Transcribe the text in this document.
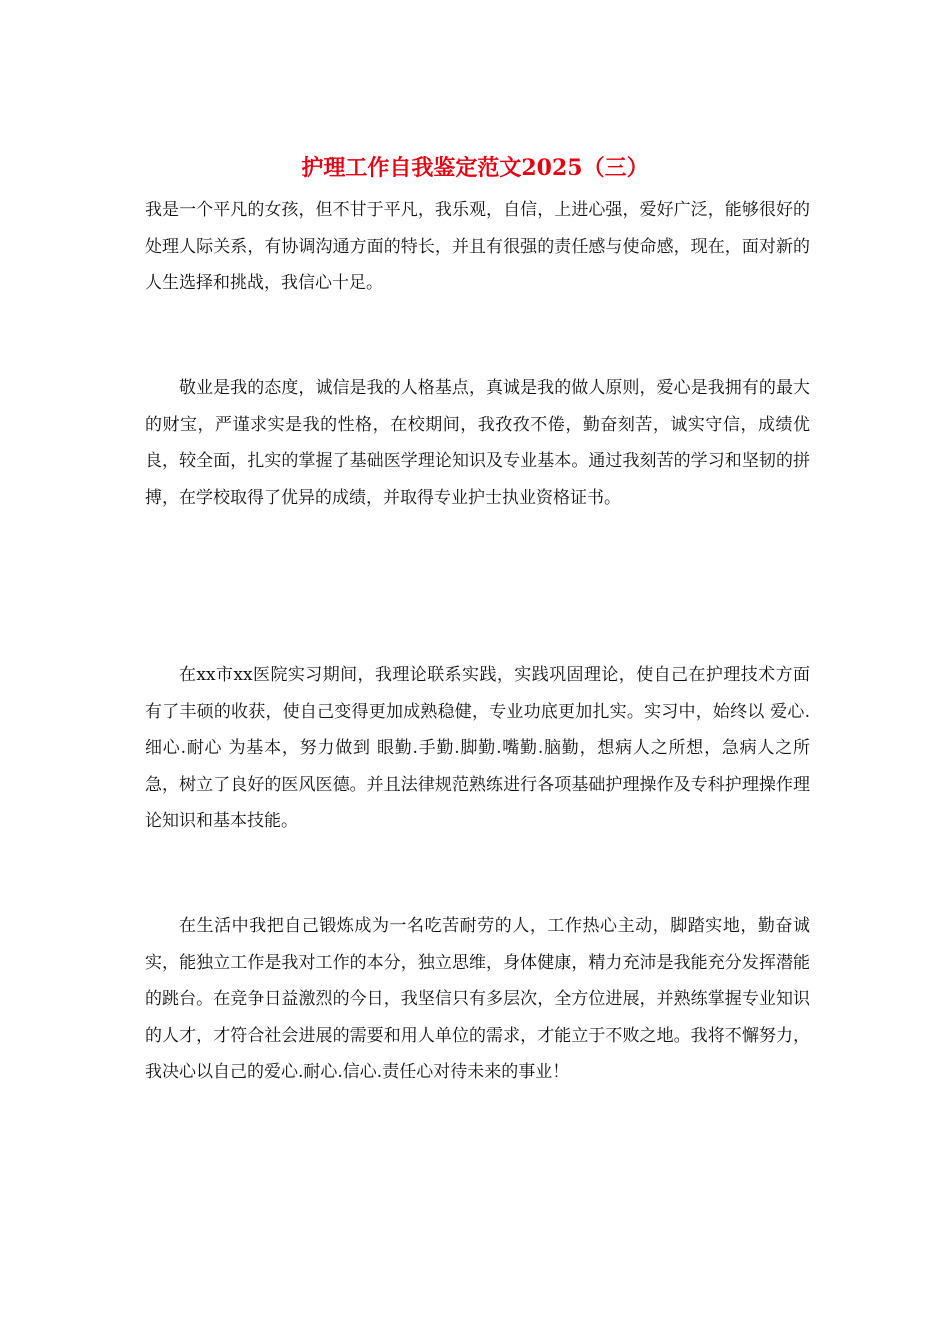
护理工作自我鉴定范文2025（三）

我是一个平凡的女孩，但不甘于平凡，我乐观，自信，上进心强，爱好广泛，能够很好的处理人际关系，有协调沟通方面的特长，并且有很强的责任感与使命感，现在，面对新的人生选择和挑战，我信心十足。

敬业是我的态度，诚信是我的人格基点，真诚是我的做人原则，爱心是我拥有的最大的财宝，严谨求实是我的性格，在校期间，我孜孜不倦，勤奋刻苦，诚实守信，成绩优良，较全面，扎实的掌握了基础医学理论知识及专业基本。通过我刻苦的学习和坚韧的拼搏，在学校取得了优异的成绩，并取得专业护士执业资格证书。

在xx市xx医院实习期间，我理论联系实践，实践巩固理论，使自己在护理技术方面有了丰硕的收获，使自己变得更加成熟稳健，专业功底更加扎实。实习中，始终以 爱心.细心.耐心 为基本，努力做到 眼勤.手勤.脚勤.嘴勤.脑勤，想病人之所想，急病人之所急，树立了良好的医风医德。并且法律规范熟练进行各项基础护理操作及专科护理操作理论知识和基本技能。

在生活中我把自己锻炼成为一名吃苦耐劳的人，工作热心主动，脚踏实地，勤奋诚实，能独立工作是我对工作的本分，独立思维，身体健康，精力充沛是我能充分发挥潜能的跳台。在竞争日益激烈的今日，我坚信只有多层次，全方位进展，并熟练掌握专业知识的人才，才符合社会进展的需要和用人单位的需求，才能立于不败之地。我将不懈努力，我决心以自己的爱心.耐心.信心.责任心对待未来的事业！
